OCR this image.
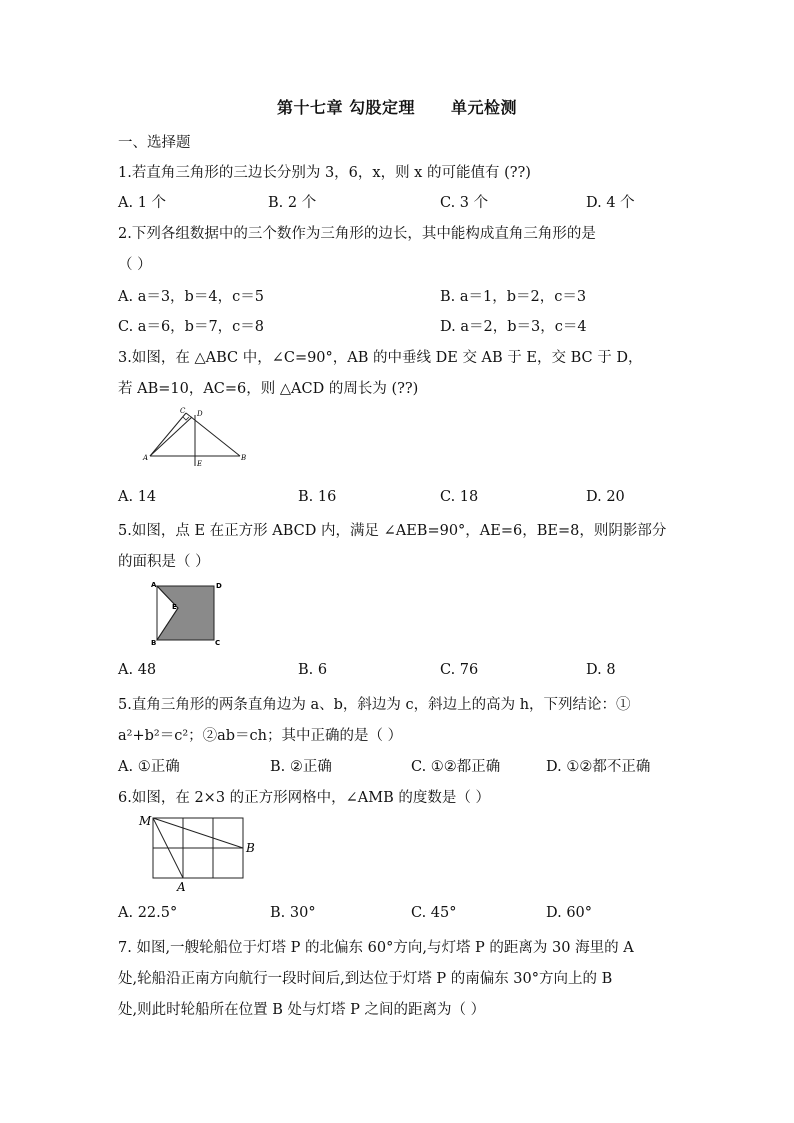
第十七章 勾股定理 单元检测
一、选择题
1.若直角三角形的三边长分别为 3，6，x，则 x 的可能值有 (??)
A. 1 个	B. 2 个	C. 3 个	D. 4 个
2.下列各组数据中的三个数作为三角形的边长，其中能构成直角三角形的是
（ ）
A. a＝3，b＝4，c＝5	B. a＝1，b＝2，c＝3
C. a＝6，b＝7，c＝8	D. a＝2，b＝3，c＝4
3.如图，在 △ABC 中，∠C=90°，AB 的中垂线 DE 交 AB 于 E，交 BC 于 D，
若 AB=10，AC=6，则 △ACD 的周长为 (??)
C D
A	B
E
A. 14	B. 16	C. 18	D. 20
5.如图，点 E 在正方形 ABCD 内，满足 ∠AEB=90°，AE=6，BE=8，则阴影部分
的面积是（ ）
A	D
E
B	C
A. 48	B. 6	C. 76	D. 8
5.直角三角形的两条直角边为 a、b，斜边为 c，斜边上的高为 h，下列结论：①
a²+b²＝c²；②ab＝ch；其中正确的是（ ）
A. ①正确	B. ②正确	C. ①②都正确	D. ①②都不正确
6.如图，在 2×3 的正方形网格中，∠AMB 的度数是（ ）
M
B
A
A. 22.5°	B. 30°	C. 45°	D. 60°
7. 如图,一艘轮船位于灯塔 P 的北偏东 60°方向,与灯塔 P 的距离为 30 海里的 A
处,轮船沿正南方向航行一段时间后,到达位于灯塔 P 的南偏东 30°方向上的 B
处,则此时轮船所在位置 B 处与灯塔 P 之间的距离为（ ）
